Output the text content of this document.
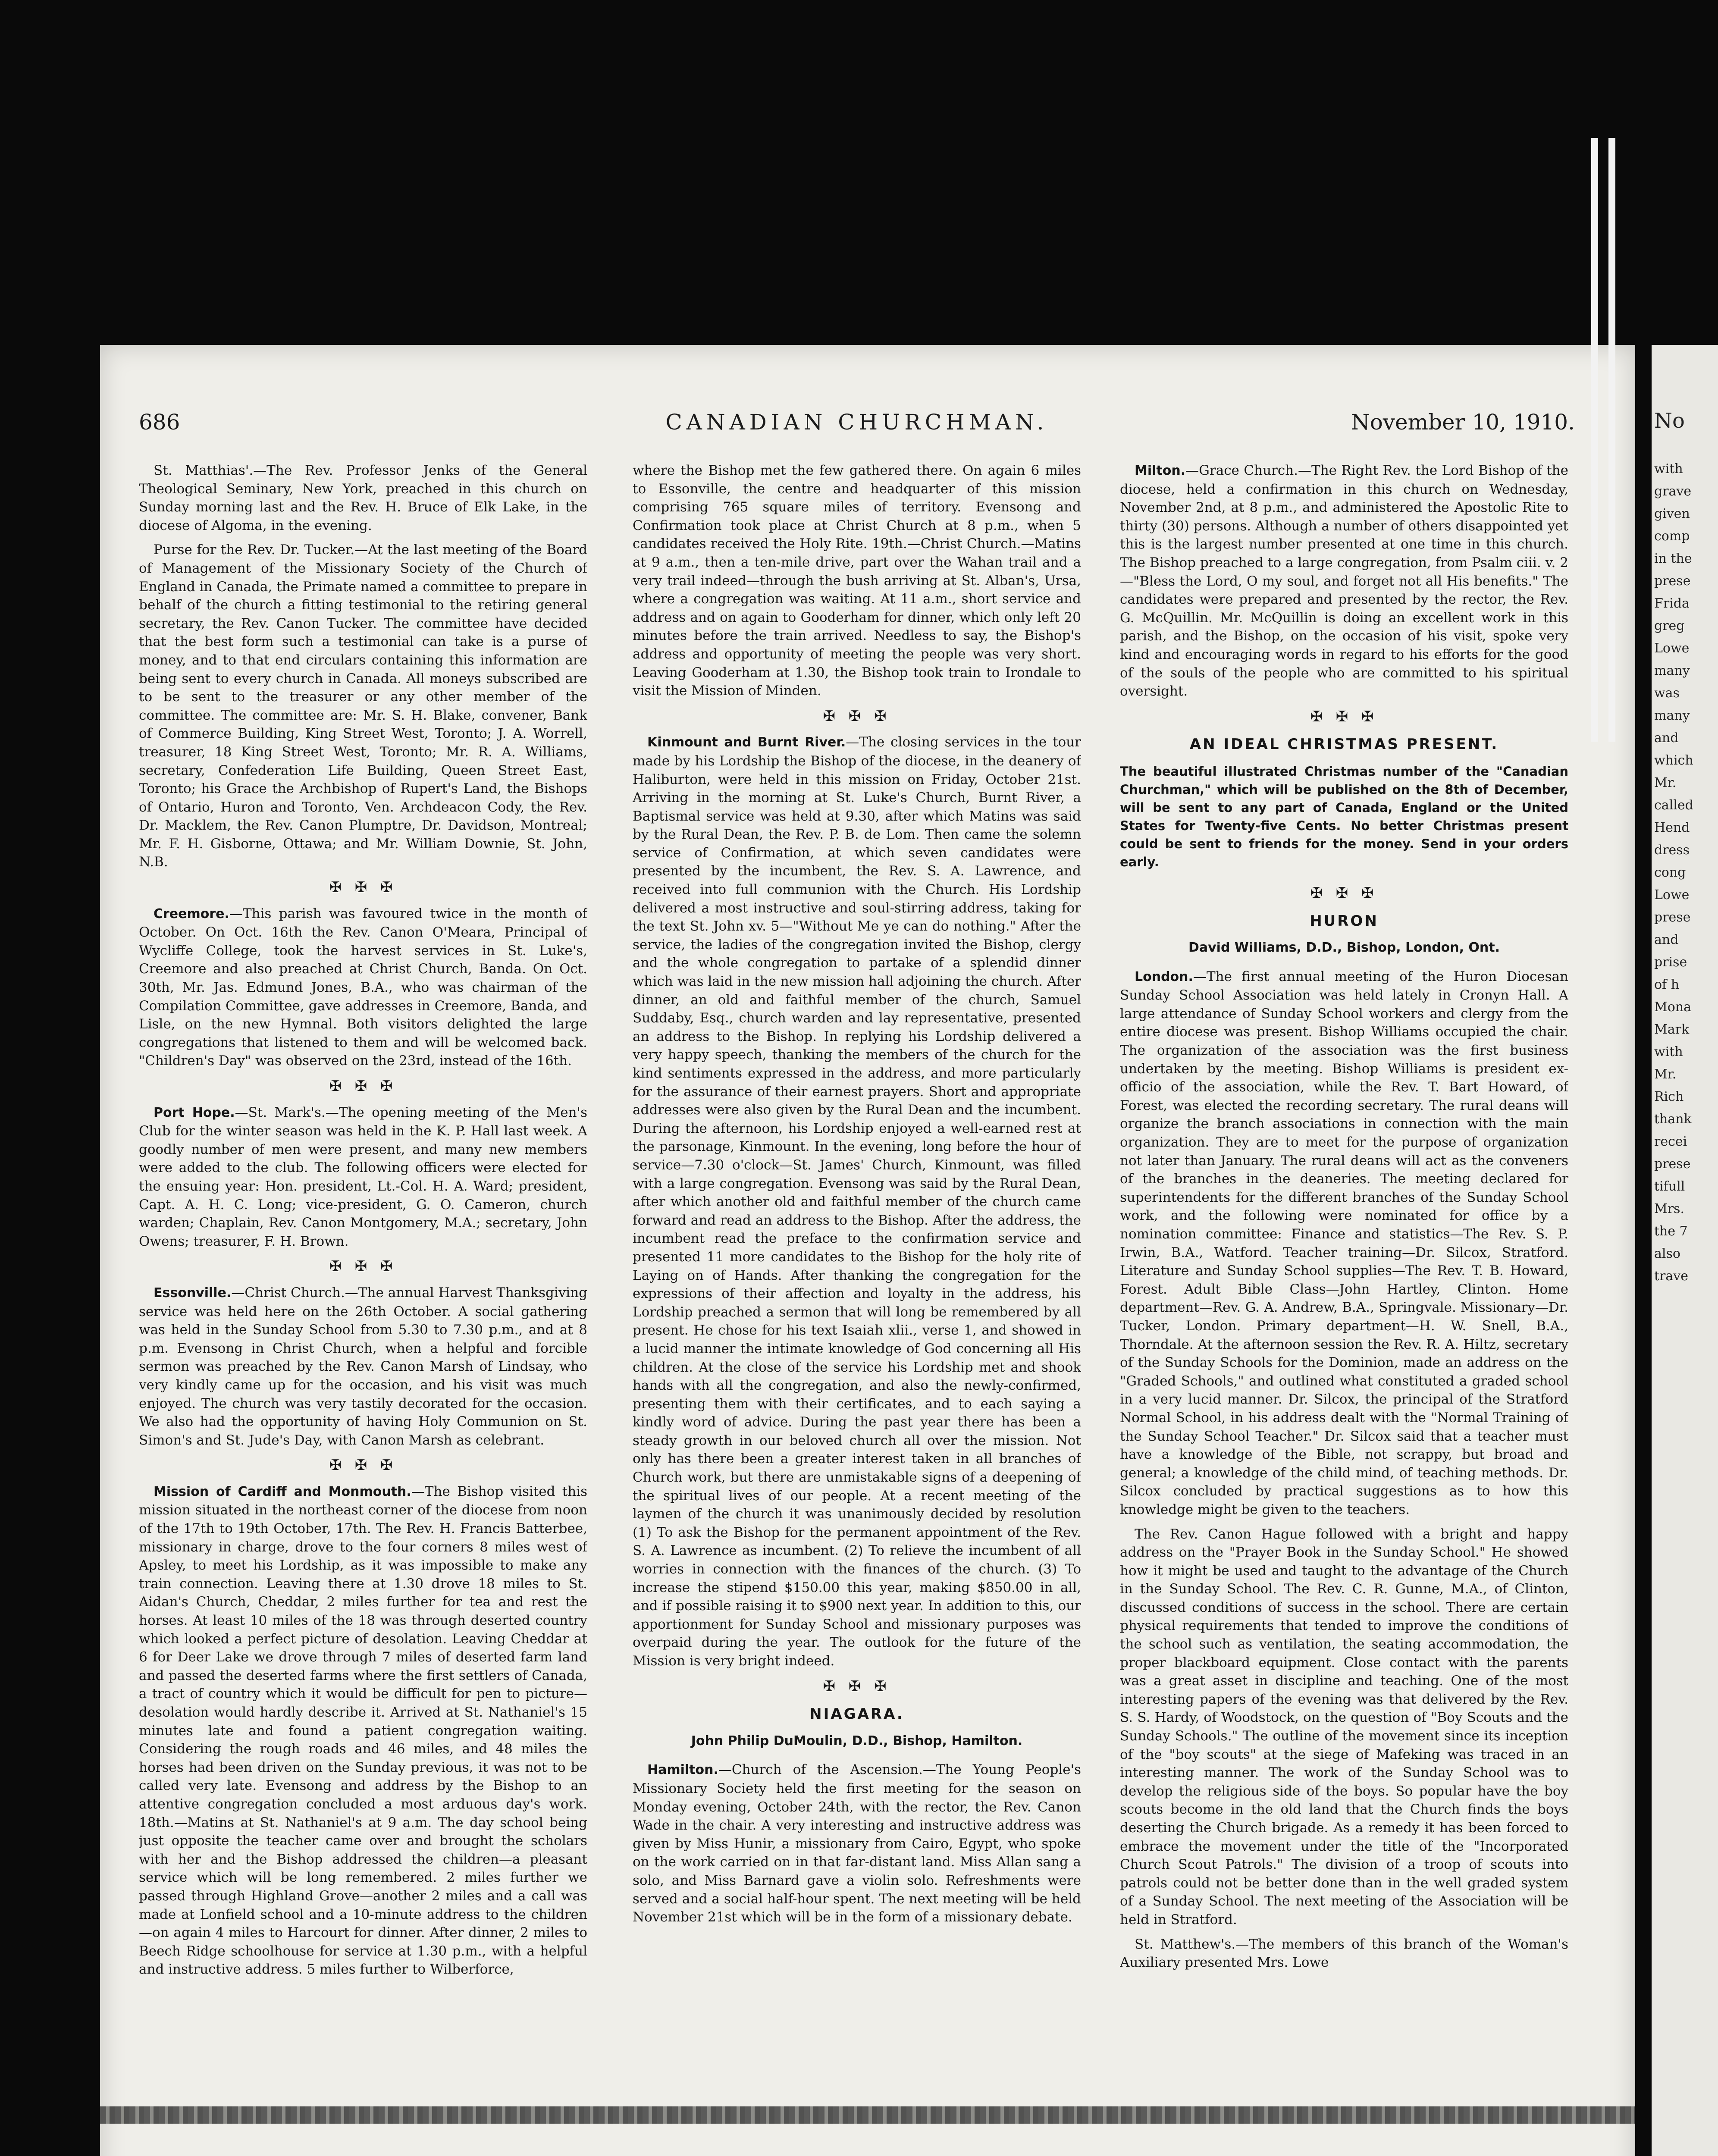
686	CANADIAN CHURCHMAN.	November 10, 1910.

St. Matthias'.—The Rev. Professor Jenks of the General Theological Seminary, New York, preached in this church on Sunday morning last and the Rev. H. Bruce of Elk Lake, in the diocese of Algoma, in the evening.

Purse for the Rev. Dr. Tucker.—At the last meeting of the Board of Management of the Missionary Society of the Church of England in Canada, the Primate named a committee to prepare in behalf of the church a fitting testimonial to the retiring general secretary, the Rev. Canon Tucker. The committee have decided that the best form such a testimonial can take is a purse of money, and to that end circulars containing this information are being sent to every church in Canada. All moneys subscribed are to be sent to the treasurer or any other member of the committee. The committee are: Mr. S. H. Blake, convener, Bank of Commerce Building, King Street West, Toronto; J. A. Worrell, treasurer, 18 King Street West, Toronto; Mr. R. A. Williams, secretary, Confederation Life Building, Queen Street East, Toronto; his Grace the Archbishop of Rupert's Land, the Bishops of Ontario, Huron and Toronto, Ven. Archdeacon Cody, the Rev. Dr. Macklem, the Rev. Canon Plumptre, Dr. Davidson, Montreal; Mr. F. H. Gisborne, Ottawa; and Mr. William Downie, St. John, N.B.

✠ ✠ ✠

Creemore.—This parish was favoured twice in the month of October. On Oct. 16th the Rev. Canon O'Meara, Principal of Wycliffe College, took the harvest services in St. Luke's, Creemore and also preached at Christ Church, Banda. On Oct. 30th, Mr. Jas. Edmund Jones, B.A., who was chairman of the Compilation Committee, gave addresses in Creemore, Banda, and Lisle, on the new Hymnal. Both visitors delighted the large congregations that listened to them and will be welcomed back. "Children's Day" was observed on the 23rd, instead of the 16th.

✠ ✠ ✠

Port Hope.—St. Mark's.—The opening meeting of the Men's Club for the winter season was held in the K. P. Hall last week. A goodly number of men were present, and many new members were added to the club. The following officers were elected for the ensuing year: Hon. president, Lt.-Col. H. A. Ward; president, Capt. A. H. C. Long; vice-president, G. O. Cameron, church warden; Chaplain, Rev. Canon Montgomery, M.A.; secretary, John Owens; treasurer, F. H. Brown.

✠ ✠ ✠

Essonville.—Christ Church.—The annual Harvest Thanksgiving service was held here on the 26th October. A social gathering was held in the Sunday School from 5.30 to 7.30 p.m., and at 8 p.m. Evensong in Christ Church, when a helpful and forcible sermon was preached by the Rev. Canon Marsh of Lindsay, who very kindly came up for the occasion, and his visit was much enjoyed. The church was very tastily decorated for the occasion. We also had the opportunity of having Holy Communion on St. Simon's and St. Jude's Day, with Canon Marsh as celebrant.

✠ ✠ ✠

Mission of Cardiff and Monmouth.—The Bishop visited this mission situated in the northeast corner of the diocese from noon of the 17th to 19th October, 17th. The Rev. H. Francis Batterbee, missionary in charge, drove to the four corners 8 miles west of Apsley, to meet his Lordship, as it was impossible to make any train connection. Leaving there at 1.30 drove 18 miles to St. Aidan's Church, Cheddar, 2 miles further for tea and rest the horses. At least 10 miles of the 18 was through deserted country which looked a perfect picture of desolation. Leaving Cheddar at 6 for Deer Lake we drove through 7 miles of deserted farm land and passed the deserted farms where the first settlers of Canada, a tract of country which it would be difficult for pen to picture—desolation would hardly describe it. Arrived at St. Nathaniel's 15 minutes late and found a patient congregation waiting. Considering the rough roads and 46 miles, and 48 miles the horses had been driven on the Sunday previous, it was not to be called very late. Evensong and address by the Bishop to an attentive congregation concluded a most arduous day's work. 18th.—Matins at St. Nathaniel's at 9 a.m. The day school being just opposite the teacher came over and brought the scholars with her and the Bishop addressed the children—a pleasant service which will be long remembered. 2 miles further we passed through Highland Grove—another 2 miles and a call was made at Lonfield school and a 10-minute address to the children—on again 4 miles to Harcourt for dinner. After dinner, 2 miles to Beech Ridge schoolhouse for service at 1.30 p.m., with a helpful and instructive address. 5 miles further to Wilberforce,

where the Bishop met the few gathered there. On again 6 miles to Essonville, the centre and headquarter of this mission comprising 765 square miles of territory. Evensong and Confirmation took place at Christ Church at 8 p.m., when 5 candidates received the Holy Rite. 19th.—Christ Church.—Matins at 9 a.m., then a ten-mile drive, part over the Wahan trail and a very trail indeed—through the bush arriving at St. Alban's, Ursa, where a congregation was waiting. At 11 a.m., short service and address and on again to Gooderham for dinner, which only left 20 minutes before the train arrived. Needless to say, the Bishop's address and opportunity of meeting the people was very short. Leaving Gooderham at 1.30, the Bishop took train to Irondale to visit the Mission of Minden.

✠ ✠ ✠

Kinmount and Burnt River.—The closing services in the tour made by his Lordship the Bishop of the diocese, in the deanery of Haliburton, were held in this mission on Friday, October 21st. Arriving in the morning at St. Luke's Church, Burnt River, a Baptismal service was held at 9.30, after which Matins was said by the Rural Dean, the Rev. P. B. de Lom. Then came the solemn service of Confirmation, at which seven candidates were presented by the incumbent, the Rev. S. A. Lawrence, and received into full communion with the Church. His Lordship delivered a most instructive and soul-stirring address, taking for the text St. John xv. 5—"Without Me ye can do nothing." After the service, the ladies of the congregation invited the Bishop, clergy and the whole congregation to partake of a splendid dinner which was laid in the new mission hall adjoining the church. After dinner, an old and faithful member of the church, Samuel Suddaby, Esq., church warden and lay representative, presented an address to the Bishop. In replying his Lordship delivered a very happy speech, thanking the members of the church for the kind sentiments expressed in the address, and more particularly for the assurance of their earnest prayers. Short and appropriate addresses were also given by the Rural Dean and the incumbent. During the afternoon, his Lordship enjoyed a well-earned rest at the parsonage, Kinmount. In the evening, long before the hour of service—7.30 o'clock—St. James' Church, Kinmount, was filled with a large congregation. Evensong was said by the Rural Dean, after which another old and faithful member of the church came forward and read an address to the Bishop. After the address, the incumbent read the preface to the confirmation service and presented 11 more candidates to the Bishop for the holy rite of Laying on of Hands. After thanking the congregation for the expressions of their affection and loyalty in the address, his Lordship preached a sermon that will long be remembered by all present. He chose for his text Isaiah xlii., verse 1, and showed in a lucid manner the intimate knowledge of God concerning all His children. At the close of the service his Lordship met and shook hands with all the congregation, and also the newly-confirmed, presenting them with their certificates, and to each saying a kindly word of advice. During the past year there has been a steady growth in our beloved church all over the mission. Not only has there been a greater interest taken in all branches of Church work, but there are unmistakable signs of a deepening of the spiritual lives of our people. At a recent meeting of the laymen of the church it was unanimously decided by resolution (1) To ask the Bishop for the permanent appointment of the Rev. S. A. Lawrence as incumbent. (2) To relieve the incumbent of all worries in connection with the finances of the church. (3) To increase the stipend $150.00 this year, making $850.00 in all, and if possible raising it to $900 next year. In addition to this, our apportionment for Sunday School and missionary purposes was overpaid during the year. The outlook for the future of the Mission is very bright indeed.

✠ ✠ ✠
NIAGARA.
John Philip DuMoulin, D.D., Bishop, Hamilton.

Hamilton.—Church of the Ascension.—The Young People's Missionary Society held the first meeting for the season on Monday evening, October 24th, with the rector, the Rev. Canon Wade in the chair. A very interesting and instructive address was given by Miss Hunir, a missionary from Cairo, Egypt, who spoke on the work carried on in that far-distant land. Miss Allan sang a solo, and Miss Barnard gave a violin solo. Refreshments were served and a social half-hour spent. The next meeting will be held November 21st which will be in the form of a missionary debate.

Milton.—Grace Church.—The Right Rev. the Lord Bishop of the diocese, held a confirmation in this church on Wednesday, November 2nd, at 8 p.m., and administered the Apostolic Rite to thirty (30) persons. Although a number of others disappointed yet this is the largest number presented at one time in this church. The Bishop preached to a large congregation, from Psalm ciii. v. 2—"Bless the Lord, O my soul, and forget not all His benefits." The candidates were prepared and presented by the rector, the Rev. G. McQuillin. Mr. McQuillin is doing an excellent work in this parish, and the Bishop, on the occasion of his visit, spoke very kind and encouraging words in regard to his efforts for the good of the souls of the people who are committed to his spiritual oversight.

✠ ✠ ✠
AN IDEAL CHRISTMAS PRESENT.
The beautiful illustrated Christmas number of the "Canadian Churchman," which will be published on the 8th of December, will be sent to any part of Canada, England or the United States for Twenty-five Cents. No better Christmas present could be sent to friends for the money. Send in your orders early.
✠ ✠ ✠
HURON
David Williams, D.D., Bishop, London, Ont.

London.—The first annual meeting of the Huron Diocesan Sunday School Association was held lately in Cronyn Hall. A large attendance of Sunday School workers and clergy from the entire diocese was present. Bishop Williams occupied the chair. The organization of the association was the first business undertaken by the meeting. Bishop Williams is president ex-officio of the association, while the Rev. T. Bart Howard, of Forest, was elected the recording secretary. The rural deans will organize the branch associations in connection with the main organization. They are to meet for the purpose of organization not later than January. The rural deans will act as the conveners of the branches in the deaneries. The meeting declared for superintendents for the different branches of the Sunday School work, and the following were nominated for office by a nomination committee: Finance and statistics—The Rev. S. P. Irwin, B.A., Watford. Teacher training—Dr. Silcox, Stratford. Literature and Sunday School supplies—The Rev. T. B. Howard, Forest. Adult Bible Class—John Hartley, Clinton. Home department—Rev. G. A. Andrew, B.A., Springvale. Missionary—Dr. Tucker, London. Primary department—H. W. Snell, B.A., Thorndale. At the afternoon session the Rev. R. A. Hiltz, secretary of the Sunday Schools for the Dominion, made an address on the "Graded Schools," and outlined what constituted a graded school in a very lucid manner. Dr. Silcox, the principal of the Stratford Normal School, in his address dealt with the "Normal Training of the Sunday School Teacher." Dr. Silcox said that a teacher must have a knowledge of the Bible, not scrappy, but broad and general; a knowledge of the child mind, of teaching methods. Dr. Silcox concluded by practical suggestions as to how this knowledge might be given to the teachers.

The Rev. Canon Hague followed with a bright and happy address on the "Prayer Book in the Sunday School." He showed how it might be used and taught to the advantage of the Church in the Sunday School. The Rev. C. R. Gunne, M.A., of Clinton, discussed conditions of success in the school. There are certain physical requirements that tended to improve the conditions of the school such as ventilation, the seating accommodation, the proper blackboard equipment. Close contact with the parents was a great asset in discipline and teaching. One of the most interesting papers of the evening was that delivered by the Rev. S. S. Hardy, of Woodstock, on the question of "Boy Scouts and the Sunday Schools." The outline of the movement since its inception of the "boy scouts" at the siege of Mafeking was traced in an interesting manner. The work of the Sunday School was to develop the religious side of the boys. So popular have the boy scouts become in the old land that the Church finds the boys deserting the Church brigade. As a remedy it has been forced to embrace the movement under the title of the "Incorporated Church Scout Patrols." The division of a troop of scouts into patrols could not be better done than in the well graded system of a Sunday School. The next meeting of the Association will be held in Stratford.

St. Matthew's.—The members of this branch of the Woman's Auxiliary presented Mrs. Lowe

No
with
grave
given
comp
in the
prese
Frida
greg
Lowe
many
was
many
and
which
Mr.
called
Hend
dress
cong
Lowe
prese
and
prise
of h
Mona
Mark
with
Mr.
Rich
thank
recei
prese
tifull
Mrs.
the 7
also
trave
